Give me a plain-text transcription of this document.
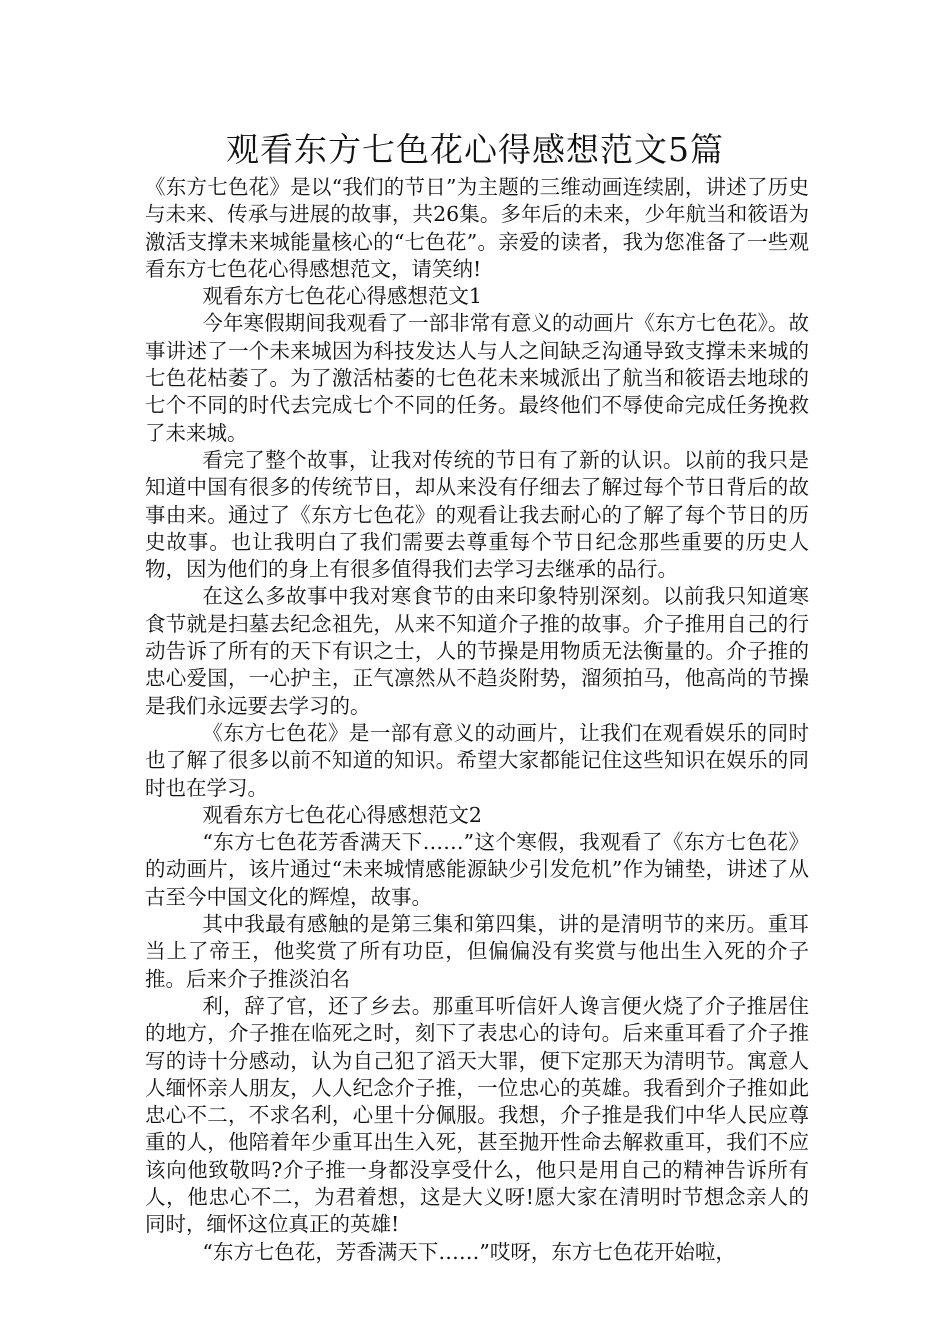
观看东方七色花心得感想范文5篇

《东方七色花》是以“我们的节日”为主题的三维动画连续剧，讲述了历史与未来、传承与进展的故事，共26集。多年后的未来，少年航当和筱语为激活支撑未来城能量核心的“七色花”。亲爱的读者，我为您准备了一些观看东方七色花心得感想范文，请笑纳!

观看东方七色花心得感想范文1

今年寒假期间我观看了一部非常有意义的动画片《东方七色花》。故事讲述了一个未来城因为科技发达人与人之间缺乏沟通导致支撑未来城的七色花枯萎了。为了激活枯萎的七色花未来城派出了航当和筱语去地球的七个不同的时代去完成七个不同的任务。最终他们不辱使命完成任务挽救了未来城。

看完了整个故事，让我对传统的节日有了新的认识。以前的我只是知道中国有很多的传统节日，却从来没有仔细去了解过每个节日背后的故事由来。通过了《东方七色花》的观看让我去耐心的了解了每个节日的历史故事。也让我明白了我们需要去尊重每个节日纪念那些重要的历史人物，因为他们的身上有很多值得我们去学习去继承的品行。

在这么多故事中我对寒食节的由来印象特别深刻。以前我只知道寒食节就是扫墓去纪念祖先，从来不知道介子推的故事。介子推用自己的行动告诉了所有的天下有识之士，人的节操是用物质无法衡量的。介子推的忠心爱国，一心护主，正气凛然从不趋炎附势，溜须拍马，他高尚的节操是我们永远要去学习的。

《东方七色花》是一部有意义的动画片，让我们在观看娱乐的同时也了解了很多以前不知道的知识。希望大家都能记住这些知识在娱乐的同时也在学习。

观看东方七色花心得感想范文2

“东方七色花芳香满天下……”这个寒假，我观看了《东方七色花》的动画片，该片通过“未来城情感能源缺少引发危机”作为铺垫，讲述了从古至今中国文化的辉煌，故事。

其中我最有感触的是第三集和第四集，讲的是清明节的来历。重耳当上了帝王，他奖赏了所有功臣，但偏偏没有奖赏与他出生入死的介子推。后来介子推淡泊名

利，辞了官，还了乡去。那重耳听信奸人谗言便火烧了介子推居住的地方，介子推在临死之时，刻下了表忠心的诗句。后来重耳看了介子推写的诗十分感动，认为自己犯了滔天大罪，便下定那天为清明节。寓意人人缅怀亲人朋友，人人纪念介子推，一位忠心的英雄。我看到介子推如此忠心不二，不求名利，心里十分佩服。我想，介子推是我们中华人民应尊重的人，他陪着年少重耳出生入死，甚至抛开性命去解救重耳，我们不应该向他致敬吗?介子推一身都没享受什么，他只是用自己的精神告诉所有人，他忠心不二，为君着想，这是大义呀!愿大家在清明时节想念亲人的同时，缅怀这位真正的英雄!

“东方七色花，芳香满天下……”哎呀，东方七色花开始啦，
